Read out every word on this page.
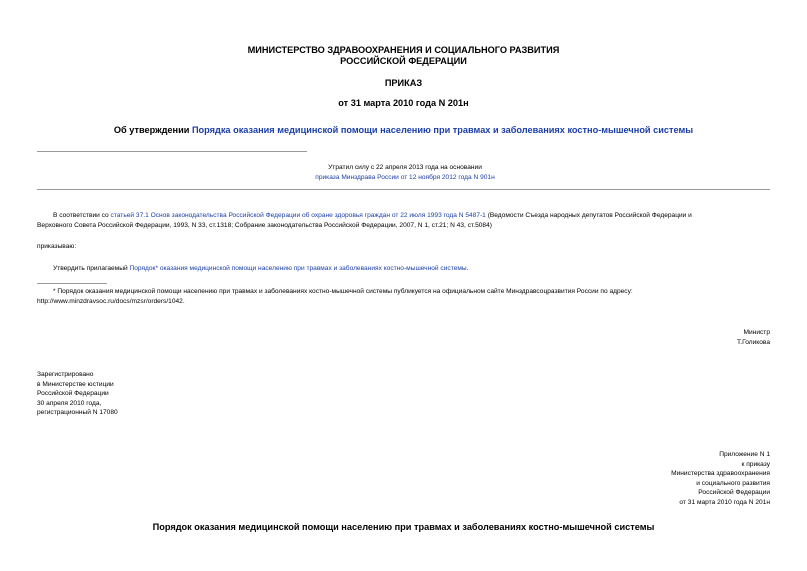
МИНИСТЕРСТВО ЗДРАВООХРАНЕНИЯ И СОЦИАЛЬНОГО РАЗВИТИЯ

РОССИЙСКОЙ ФЕДЕРАЦИИ

ПРИКАЗ
от 31 марта 2010 года N 201н
Об утверждении Порядка оказания медицинской помощи населению при травмах и заболеваниях костно-мышечной системы

Утратил силу с 22 апреля 2013 года на основании

приказа Минздрава России от 12 ноября 2012 года N 901н

В соответствии со статьей 37.1 Основ законодательства Российской Федерации об охране здоровья граждан от 22 июля 1993 года N 5487-1 (Ведомости Съезда народных депутатов Российской Федерации и

Верховного Совета Российской Федерации, 1993, N 33, ст.1318; Собрание законодательства Российской Федерации, 2007, N 1, ст.21; N 43, ст.5084)

приказываю:
Утвердить прилагаемый Порядок* оказания медицинской помощи населению при травмах и заболеваниях костно-мышечной системы.

* Порядок оказания медицинской помощи населению при травмах и заболеваниях костно-мышечной системы публикуется на официальном сайте Минздравсоцразвития России по адресу:

http://www.minzdravsoc.ru/docs/mzsr/orders/1042.

Министр

Т.Голикова

Зарегистрировано

в Министерстве юстиции

Российской Федерации

30 апреля 2010 года,

регистрационный N 17080

Приложение N 1

к приказу

Министерства здравоохранения

и социального развития

Российской Федерации

от 31 марта 2010 года N 201н

Порядок оказания медицинской помощи населению при травмах и заболеваниях костно-мышечной системы
